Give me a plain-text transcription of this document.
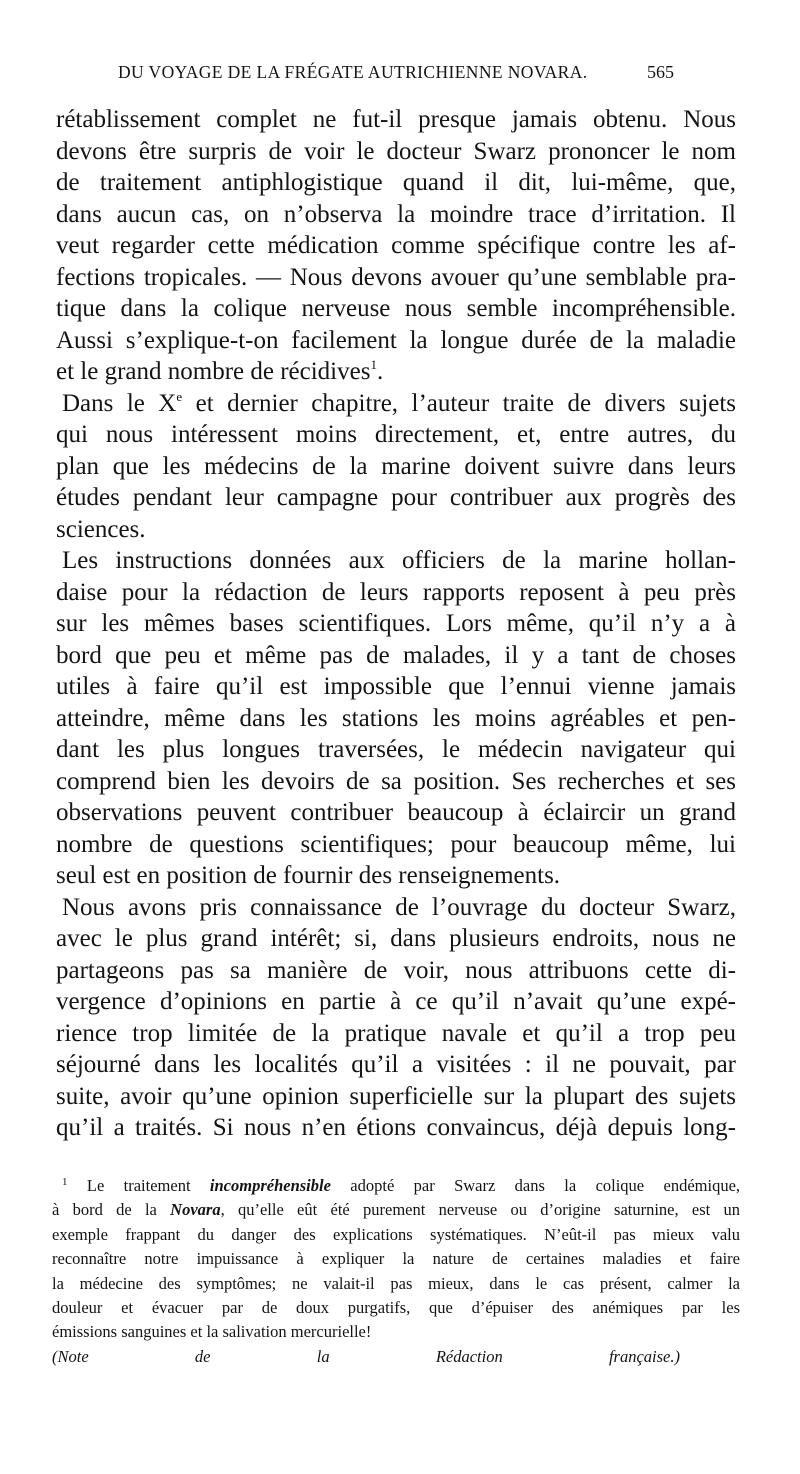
DU VOYAGE DE LA FRÉGATE AUTRICHIENNE NOVARA.	565
rétablissement complet ne fut-il presque jamais obtenu. Nous
devons être surpris de voir le docteur Swarz prononcer le nom
de traitement antiphlogistique quand il dit, lui-même, que,
dans aucun cas, on n’observa la moindre trace d’irritation. Il
veut regarder cette médication comme spécifique contre les af-
fections tropicales. — Nous devons avouer qu’une semblable pra-
tique dans la colique nerveuse nous semble incompréhensible.
Aussi s’explique-t-on facilement la longue durée de la maladie
et le grand nombre de récidives$^1$.
Dans le Xe et dernier chapitre, l’auteur traite de divers sujets
qui nous intéressent moins directement, et, entre autres, du
plan que les médecins de la marine doivent suivre dans leurs
études pendant leur campagne pour contribuer aux progrès des
sciences.
Les instructions données aux officiers de la marine hollan-
daise pour la rédaction de leurs rapports reposent à peu près
sur les mêmes bases scientifiques. Lors même, qu’il n’y a à
bord que peu et même pas de malades, il y a tant de choses
utiles à faire qu’il est impossible que l’ennui vienne jamais
atteindre, même dans les stations les moins agréables et pen-
dant les plus longues traversées, le médecin navigateur qui
comprend bien les devoirs de sa position. Ses recherches et ses
observations peuvent contribuer beaucoup à éclaircir un grand
nombre de questions scientifiques; pour beaucoup même, lui
seul est en position de fournir des renseignements.
Nous avons pris connaissance de l’ouvrage du docteur Swarz,
avec le plus grand intérêt; si, dans plusieurs endroits, nous ne
partageons pas sa manière de voir, nous attribuons cette di-
vergence d’opinions en partie à ce qu’il n’avait qu’une expé-
rience trop limitée de la pratique navale et qu’il a trop peu
séjourné dans les localités qu’il a visitées : il ne pouvait, par
suite, avoir qu’une opinion superficielle sur la plupart des sujets
qu’il a traités. Si nous n’en étions convaincus, déjà depuis long-
$^1$ Le traitement incompréhensible adopté par Swarz dans la colique endémique,
à bord de la Novara, qu’elle eût été purement nerveuse ou d’origine saturnine, est un
exemple frappant du danger des explications systématiques. N’eût-il pas mieux valu
reconnaître notre impuissance à expliquer la nature de certaines maladies et faire
la médecine des symptômes; ne valait-il pas mieux, dans le cas présent, calmer la
douleur et évacuer par de doux purgatifs, que d’épuiser des anémiques par les
émissions sanguines et la salivation mercurielle!
(Note de la Rédaction française.)
